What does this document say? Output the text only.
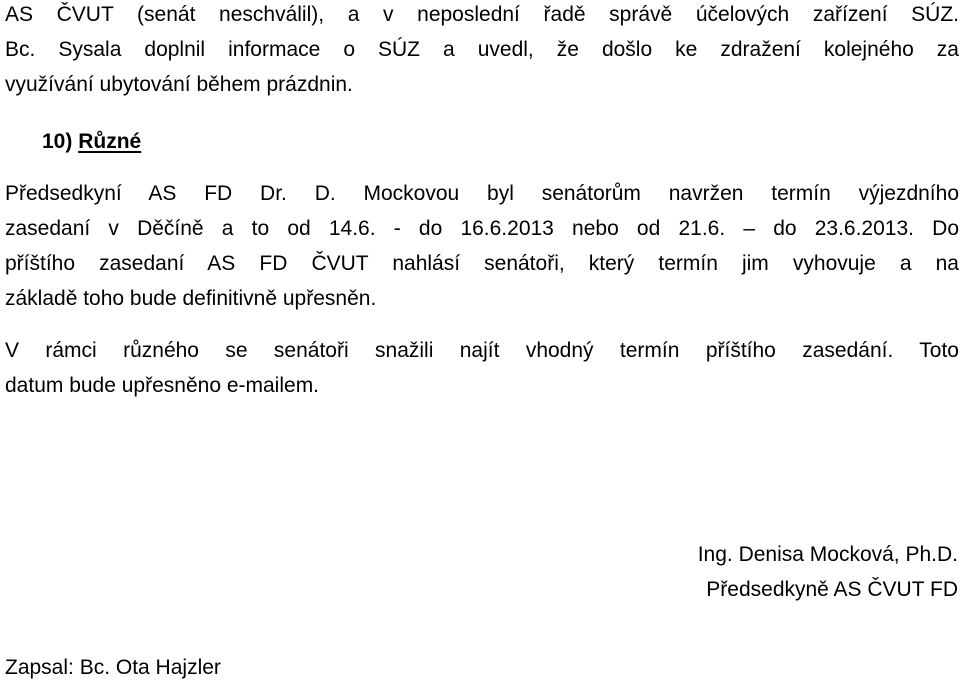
AS ČVUT (senát neschválil), a v neposlední řadě správě účelových zařízení SÚZ.
Bc. Sysala doplnil informace o SÚZ a uvedl, že došlo ke zdražení kolejného za
využívání ubytování během prázdnin.

10) Různé

Předsedkyní AS FD Dr. D. Mockovou byl senátorům navržen termín výjezdního
zasedaní v Děčíně a to od 14.6. - do 16.6.2013 nebo od 21.6. – do 23.6.2013. Do
příštího zasedaní AS FD ČVUT nahlásí senátoři, který termín jim vyhovuje a na
základě toho bude definitivně upřesněn.

V rámci různého se senátoři snažili najít vhodný termín příštího zasedání. Toto
datum bude upřesněno e-mailem.

Ing. Denisa Mocková, Ph.D.
Předsedkyně AS ČVUT FD

Zapsal: Bc. Ota Hajzler
